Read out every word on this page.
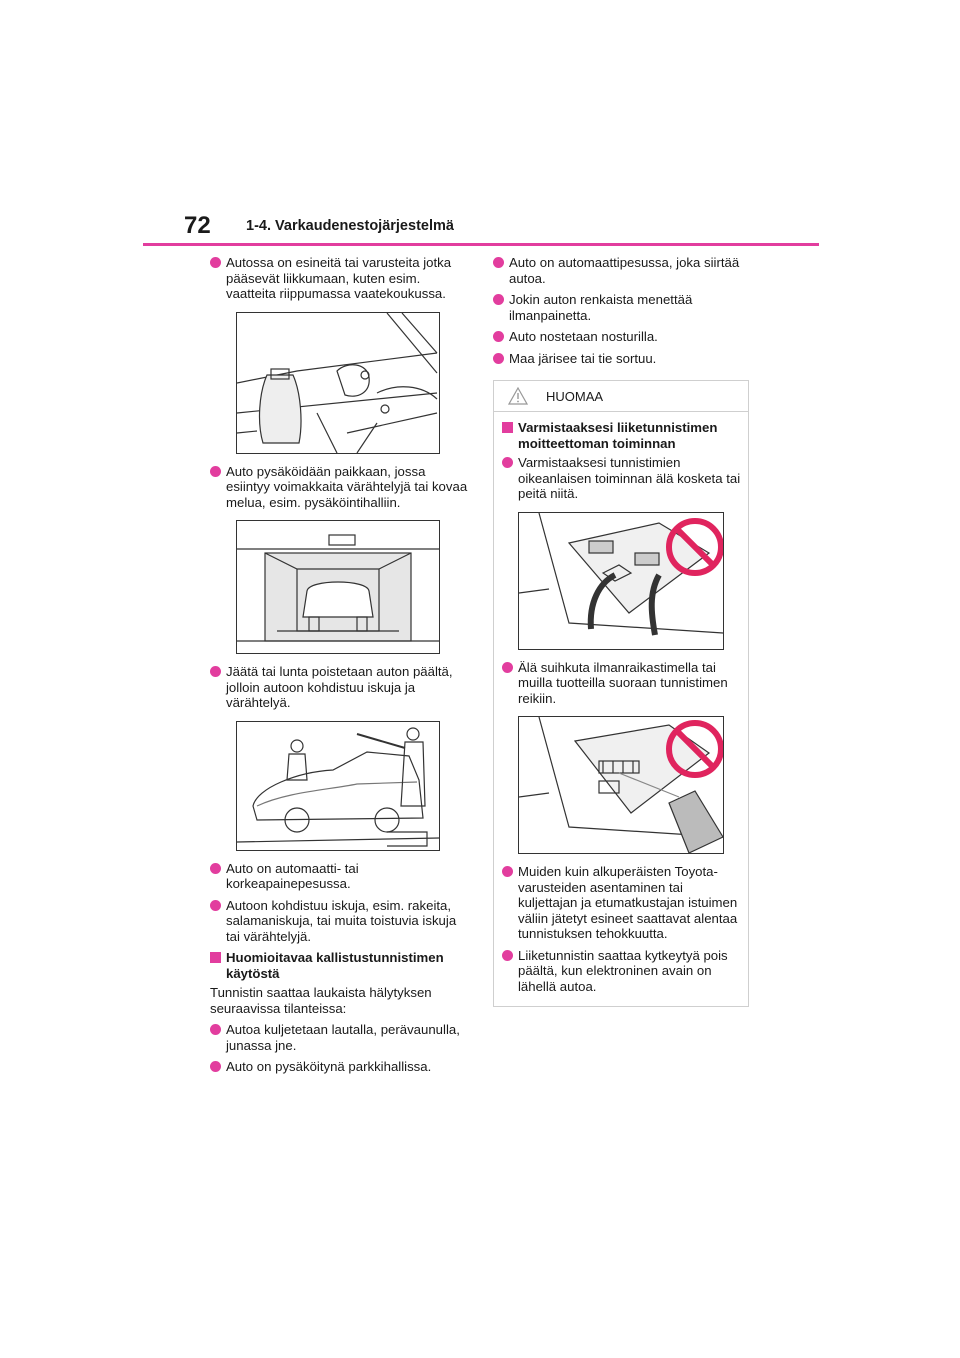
72 1-4. Varkaudenestojärjestelmä
Autossa on esineitä tai varusteita jotka pääsevät liikkumaan, kuten esim. vaatteita riippumassa vaatekoukussa.
Auto pysäköidään paikkaan, jossa esiintyy voimakkaita värähtelyjä tai kovaa melua, esim. pysäköintihalliin.
Jäätä tai lunta poistetaan auton päältä, jolloin autoon kohdistuu iskuja ja värähtelyä.
Auto on automaatti- tai korkeapainepesussa.
Autoon kohdistuu iskuja, esim. rakeita, salamaniskuja, tai muita toistuvia iskuja tai värähtelyjä.
Huomioitavaa kallistustunnistimen käytöstä
Tunnistin saattaa laukaista hälytyksen seuraavissa tilanteissa:
Autoa kuljetetaan lautalla, perävaunulla, junassa jne.
Auto on pysäköitynä parkkihallissa.
Auto on automaattipesussa, joka siirtää autoa.
Jokin auton renkaista menettää ilmanpainetta.
Auto nostetaan nosturilla.
Maa järisee tai tie sortuu.
HUOMAA
Varmistaaksesi liiketunnistimen moitteettoman toiminnan
Varmistaaksesi tunnistimien oikeanlaisen toiminnan älä kosketa tai peitä niitä.
Älä suihkuta ilmanraikastimella tai muilla tuotteilla suoraan tunnistimen reikiin.
Muiden kuin alkuperäisten Toyota-varusteiden asentaminen tai kuljettajan ja etumatkustajan istuimen väliin jätetyt esineet saattavat alentaa tunnistuksen tehokkuutta.
Liiketunnistin saattaa kytkeytyä pois päältä, kun elektroninen avain on lähellä autoa.
